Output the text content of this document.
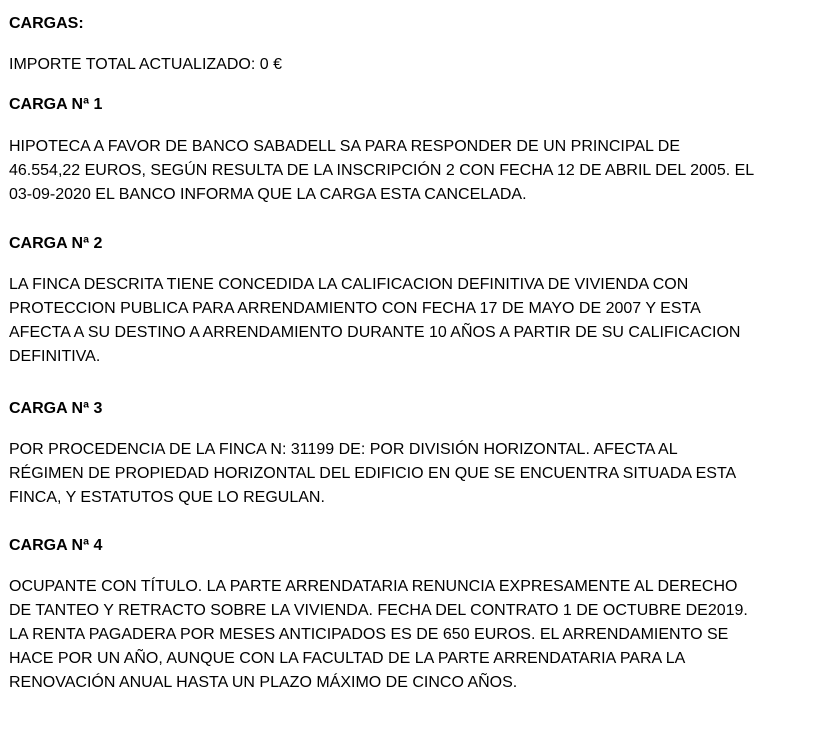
CARGAS:
IMPORTE TOTAL ACTUALIZADO: 0 €
CARGA Nª 1
HIPOTECA A FAVOR DE BANCO SABADELL SA PARA RESPONDER DE UN PRINCIPAL DE
46.554,22 EUROS, SEGÚN RESULTA DE LA INSCRIPCIÓN 2 CON FECHA 12 DE ABRIL DEL 2005. EL
03-09-2020 EL BANCO INFORMA QUE LA CARGA ESTA CANCELADA.
CARGA Nª 2
LA FINCA DESCRITA TIENE CONCEDIDA LA CALIFICACION DEFINITIVA DE VIVIENDA CON
PROTECCION PUBLICA PARA ARRENDAMIENTO CON FECHA 17 DE MAYO DE 2007 Y ESTA
AFECTA A SU DESTINO A ARRENDAMIENTO DURANTE 10 AÑOS A PARTIR DE SU CALIFICACION
DEFINITIVA.
CARGA Nª 3
POR PROCEDENCIA DE LA FINCA N: 31199 DE: POR DIVISIÓN HORIZONTAL. AFECTA AL
RÉGIMEN DE PROPIEDAD HORIZONTAL DEL EDIFICIO EN QUE SE ENCUENTRA SITUADA ESTA
FINCA, Y ESTATUTOS QUE LO REGULAN.
CARGA Nª 4
OCUPANTE CON TÍTULO. LA PARTE ARRENDATARIA RENUNCIA EXPRESAMENTE AL DERECHO
DE TANTEO Y RETRACTO SOBRE LA VIVIENDA. FECHA DEL CONTRATO 1 DE OCTUBRE DE2019.
LA RENTA PAGADERA POR MESES ANTICIPADOS ES DE 650 EUROS. EL ARRENDAMIENTO SE
HACE POR UN AÑO, AUNQUE CON LA FACULTAD DE LA PARTE ARRENDATARIA PARA LA
RENOVACIÓN ANUAL HASTA UN PLAZO MÁXIMO DE CINCO AÑOS.
